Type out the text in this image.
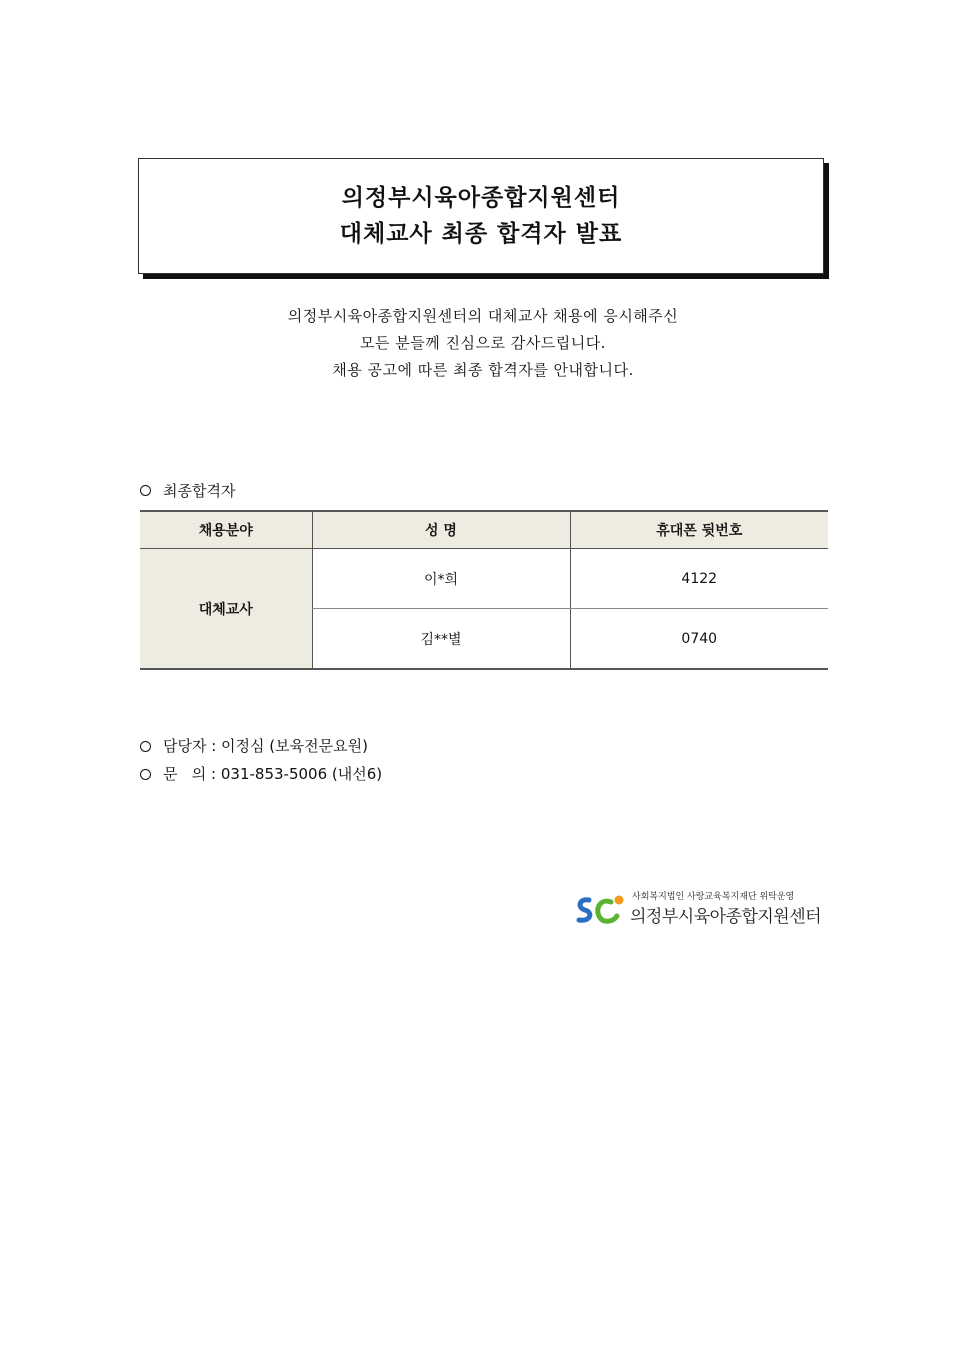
의정부시육아종합지원센터
대체교사 최종 합격자 발표
의정부시육아종합지원센터의 대체교사 채용에 응시해주신
모든 분들께 진심으로 감사드립니다.
채용 공고에 따른 최종 합격자를 안내합니다.
최종합격자
채용분야	성 명	휴대폰 뒷번호
대체교사	이*희	4122
	김**별	0740
담당자 : 이정심 (보육전문요원)
문   의 : 031-853-5006 (내선6)
사회복지법인 사랑교육복지재단 위탁운영
의정부시육아종합지원센터
